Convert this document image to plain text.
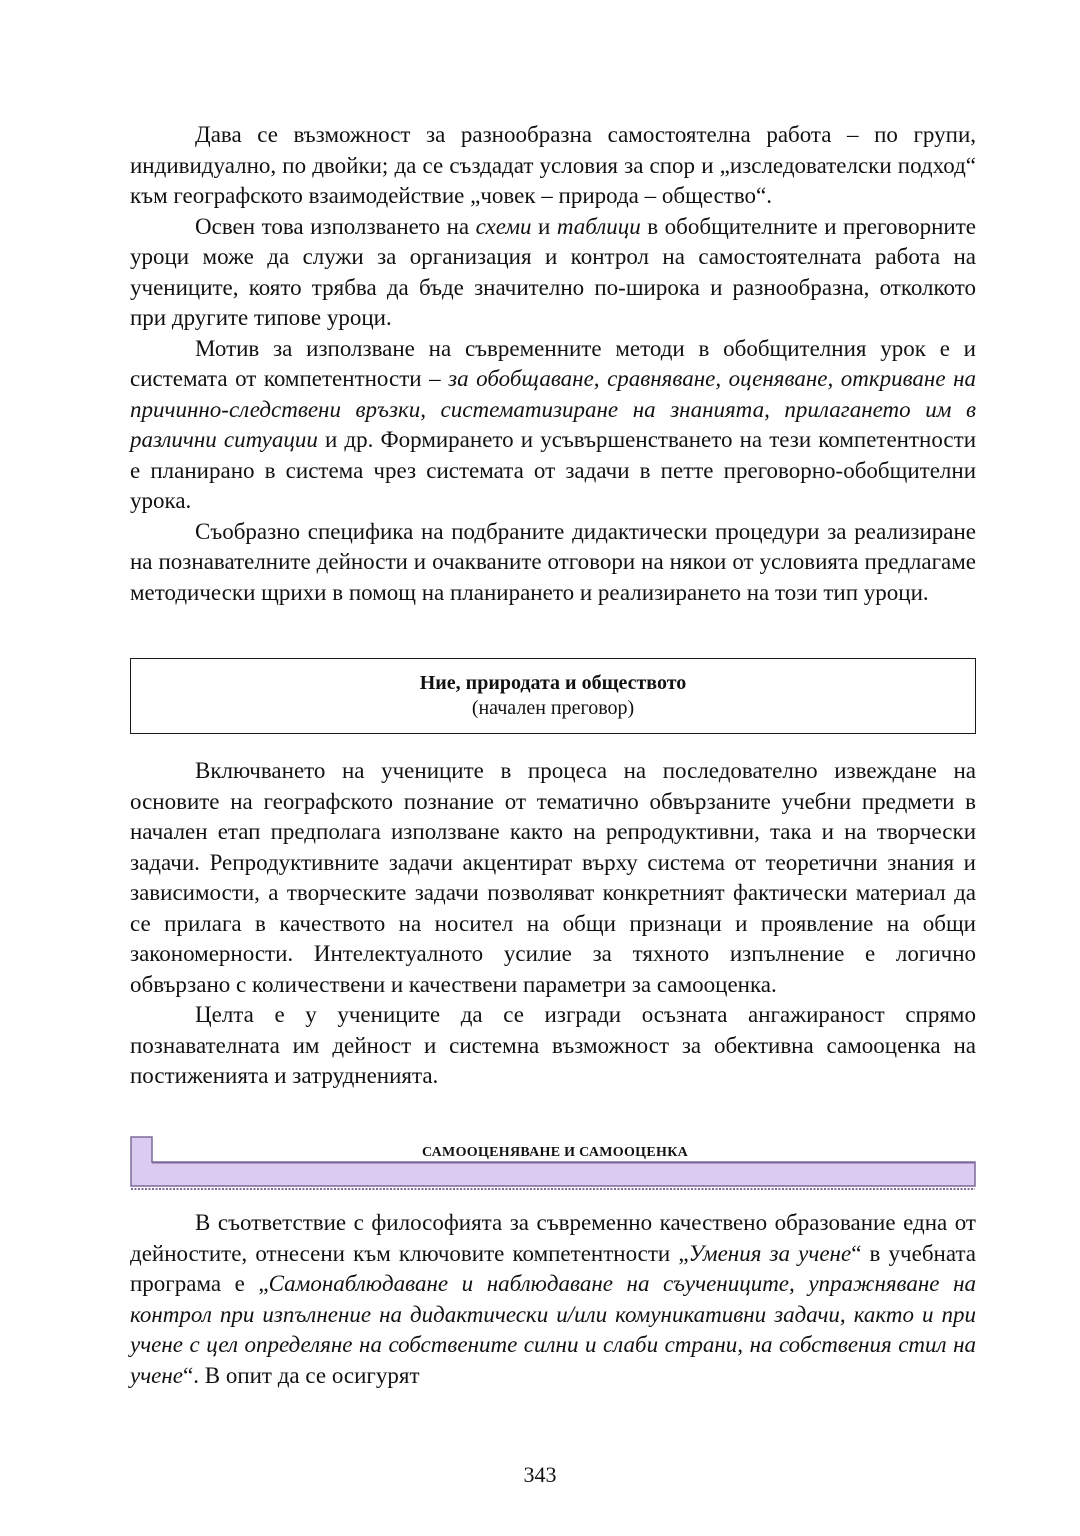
Дава се възможност за разнообразна самостоятелна работа – по групи, индивидуално, по двойки; да се създадат условия за спор и „изследователски подход“ към географското взаимодействие „човек – природа – общество“.

Освен това използването на схеми и таблици в обобщителните и преговорните уроци може да служи за организация и контрол на самостоятелната работа на учениците, която трябва да бъде значително по-широка и разнообразна, отколкото при другите типове уроци.

Мотив за използване на съвременните методи в обобщителния урок е и системата от компетентности – за обобщаване, сравняване, оценяване, откриване на причинно-следствени връзки, систематизиране на знанията, прилагането им в различни ситуации и др. Формирането и усъвършенстването на тези компетентности е планирано в система чрез системата от задачи в петте преговорно-обобщителни урока.

Съобразно специфика на подбраните дидактически процедури за реализиране на познавателните дейности и очакваните отговори на някои от условията предлагаме методически щрихи в помощ на планирането и реализирането на този тип уроци.

Ние, природата и обществото
(начален преговор)

Включването на учениците в процеса на последователно извеждане на основите на географското познание от тематично обвързаните учебни предмети в начален етап предполага използване както на репродуктивни, така и на творчески задачи. Репродуктивните задачи акцентират върху система от теоретични знания и зависимости, а творческите задачи позволяват конкретният фактически материал да се прилага в качеството на носител на общи признаци и проявление на общи закономерности. Интелектуалното усилие за тяхното изпълнение е логично обвързано с количествени и качествени параметри за самооценка.

Целта е у учениците да се изгради осъзната ангажираност спрямо познавателната им дейност и системна възможност за обективна самооценка на постиженията и затрудненията.

САМООЦЕНЯВАНЕ И САМООЦЕНКА

В съответствие с философията за съвременно качествено образование една от дейностите, отнесени към ключовите компетентности „Умения за учене“ в учебната програма е „Самонаблюдаване и наблюдаване на съучениците, упражняване на контрол при изпълнение на дидактически и/или комуникативни задачи, както и при учене с цел определяне на собствените силни и слаби страни, на собствения стил на учене“. В опит да се осигурят

343
